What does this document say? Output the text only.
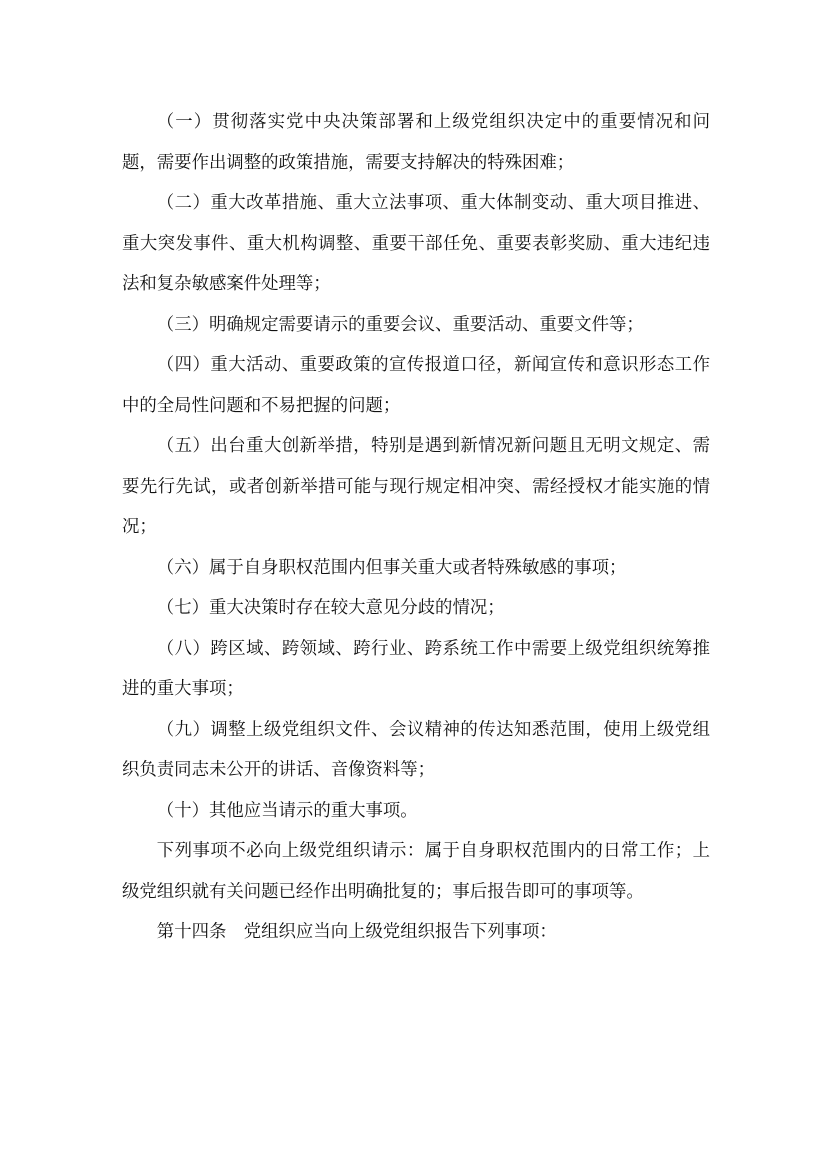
（一）贯彻落实党中央决策部署和上级党组织决定中的重要情况和问题，需要作出调整的政策措施，需要支持解决的特殊困难；

（二）重大改革措施、重大立法事项、重大体制变动、重大项目推进、重大突发事件、重大机构调整、重要干部任免、重要表彰奖励、重大违纪违法和复杂敏感案件处理等；

（三）明确规定需要请示的重要会议、重要活动、重要文件等；

（四）重大活动、重要政策的宣传报道口径，新闻宣传和意识形态工作中的全局性问题和不易把握的问题；

（五）出台重大创新举措，特别是遇到新情况新问题且无明文规定、需要先行先试，或者创新举措可能与现行规定相冲突、需经授权才能实施的情况；

（六）属于自身职权范围内但事关重大或者特殊敏感的事项；

（七）重大决策时存在较大意见分歧的情况；

（八）跨区域、跨领域、跨行业、跨系统工作中需要上级党组织统筹推进的重大事项；

（九）调整上级党组织文件、会议精神的传达知悉范围，使用上级党组织负责同志未公开的讲话、音像资料等；

（十）其他应当请示的重大事项。

下列事项不必向上级党组织请示：属于自身职权范围内的日常工作；上级党组织就有关问题已经作出明确批复的；事后报告即可的事项等。

第十四条　党组织应当向上级党组织报告下列事项：
